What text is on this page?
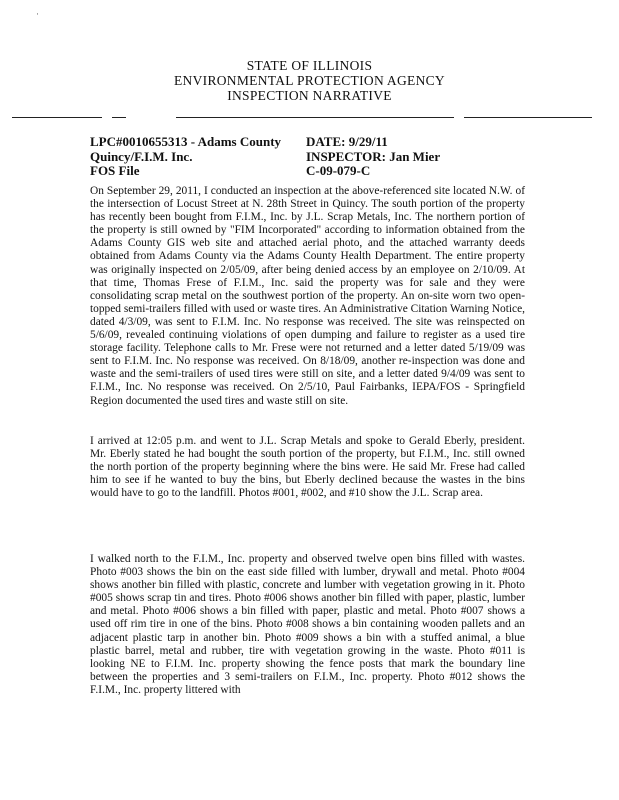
·
STATE OF ILLINOIS
ENVIRONMENTAL PROTECTION AGENCY
INSPECTION NARRATIVE
LPC#0010655313 - Adams County
Quincy/F.I.M. Inc.
FOS File
DATE: 9/29/11
INSPECTOR: Jan Mier
C-09-079-C
On September 29, 2011, I conducted an inspection at the above-referenced site located N.W. of the intersection of Locust Street at N. 28th Street in Quincy. The south portion of the property has recently been bought from F.I.M., Inc. by J.L. Scrap Metals, Inc. The northern portion of the property is still owned by "FIM Incorporated" according to information obtained from the Adams County GIS web site and attached aerial photo, and the attached warranty deeds obtained from Adams County via the Adams County Health Department. The entire property was originally inspected on 2/05/09, after being denied access by an employee on 2/10/09. At that time, Thomas Frese of F.I.M., Inc. said the property was for sale and they were consolidating scrap metal on the southwest portion of the property. An on-site worn two open-topped semi-trailers filled with used or waste tires. An Administrative Citation Warning Notice, dated 4/3/09, was sent to F.I.M. Inc. No response was received. The site was reinspected on 5/6/09, revealed continuing violations of open dumping and failure to register as a used tire storage facility. Telephone calls to Mr. Frese were not returned and a letter dated 5/19/09 was sent to F.I.M. Inc. No response was received. On 8/18/09, another re-inspection was done and waste and the semi-trailers of used tires were still on site, and a letter dated 9/4/09 was sent to F.I.M., Inc. No response was received. On 2/5/10, Paul Fairbanks, IEPA/FOS - Springfield Region documented the used tires and waste still on site.
I arrived at 12:05 p.m. and went to J.L. Scrap Metals and spoke to Gerald Eberly, president. Mr. Eberly stated he had bought the south portion of the property, but F.I.M., Inc. still owned the north portion of the property beginning where the bins were. He said Mr. Frese had called him to see if he wanted to buy the bins, but Eberly declined because the wastes in the bins would have to go to the landfill. Photos #001, #002, and #10 show the J.L. Scrap area.
I walked north to the F.I.M., Inc. property and observed twelve open bins filled with wastes. Photo #003 shows the bin on the east side filled with lumber, drywall and metal. Photo #004 shows another bin filled with plastic, concrete and lumber with vegetation growing in it. Photo #005 shows scrap tin and tires. Photo #006 shows another bin filled with paper, plastic, lumber and metal. Photo #006 shows a bin filled with paper, plastic and metal. Photo #007 shows a used off rim tire in one of the bins. Photo #008 shows a bin containing wooden pallets and an adjacent plastic tarp in another bin. Photo #009 shows a bin with a stuffed animal, a blue plastic barrel, metal and rubber, tire with vegetation growing in the waste. Photo #011 is looking NE to F.I.M. Inc. property showing the fence posts that mark the boundary line between the properties and 3 semi-trailers on F.I.M., Inc. property. Photo #012 shows the F.I.M., Inc. property littered with
